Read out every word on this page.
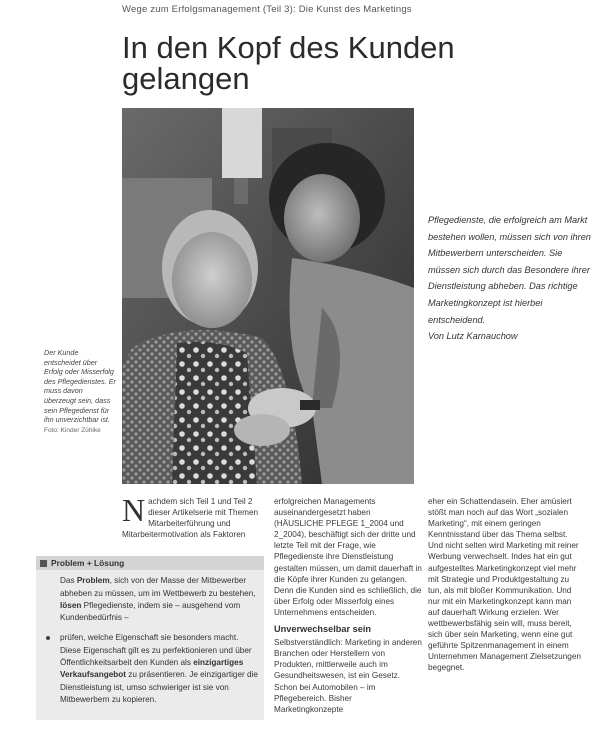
Wege zum Erfolgsmanagement (Teil 3): Die Kunst des Marketings
In den Kopf des Kunden
gelangen
Der Kunde entscheidet über Erfolg oder Misserfolg des Pflegedienstes. Er muss davon überzeugt sein, dass sein Pflegedienst für ihn unverzichtbar ist.
Foto: Kinder Zühlke
Pflegedienste, die erfolgreich am Markt bestehen wollen, müssen sich von ihren Mitbewerbern unterscheiden. Sie müssen sich durch das Besondere ihrer Dienstleistung abheben. Das richtige Marketingkonzept ist hierbei entscheidend.
Von Lutz Karnauchow

Nachdem sich Teil 1 und Teil 2 dieser Artikelserie mit Themen Mitarbeiterführung und Mitarbeitermotivation als Faktoren

erfolgreichen Managements auseinandergesetzt haben (HÄUSLICHE PFLEGE 1_2004 und 2_2004), beschäftigt sich der dritte und letzte Teil mit der Frage, wie Pflegedienste ihre Dienstleistung gestalten müssen, um damit dauerhaft in die Köpfe ihrer Kunden zu gelangen. Denn die Kunden sind es schließlich, die über Erfolg oder Misserfolg eines Unternehmens entscheiden.

Unverwechselbar sein

Selbstverständlich: Marketing in anderen Branchen oder Herstellern von Produkten, mittlerweile auch im Gesundheitswesen, ist ein Gesetz. Schon bei Automobilen – im Pflegebereich. Bisher Marketingkonzepte

eher ein Schattendasein. Eher amüsiert stößt man noch auf das Wort „sozialen Marketing“, mit einem geringen Kenntnisstand über das Thema selbst. Und nicht selten wird Marketing mit reiner Werbung verwechselt. Indes hat ein gut aufgestelltes Marketingkonzept viel mehr mit Strategie und Produktgestaltung zu tun, als mit bloßer Kommunikation. Und nur mit ein Marketingkonzept kann man auf dauerhaft Wirkung erzielen. Wer wettbewerbsfähig sein will, muss bereit, sich über sein Marketing, wenn eine gut geführte Spitzenmanagement in einem Unternehmen Management Zielsetzungen begegnet.

Problem + Lösung

Das Problem, sich von der Masse der Mitbewerber abheben zu müssen, um im Wettbewerb zu bestehen, lösen Pflegedienste, indem sie – ausgehend vom Kundenbedürfnis –

prüfen, welche Eigenschaft sie besonders macht. Diese Eigenschaft gilt es zu perfektionieren und über Öffentlichkeitsarbeit den Kunden als einzigartiges Verkaufsangebot zu präsentieren. Je einzigartiger die Dienstleistung ist, umso schwieriger ist sie von Mitbewerbern zu kopieren.
